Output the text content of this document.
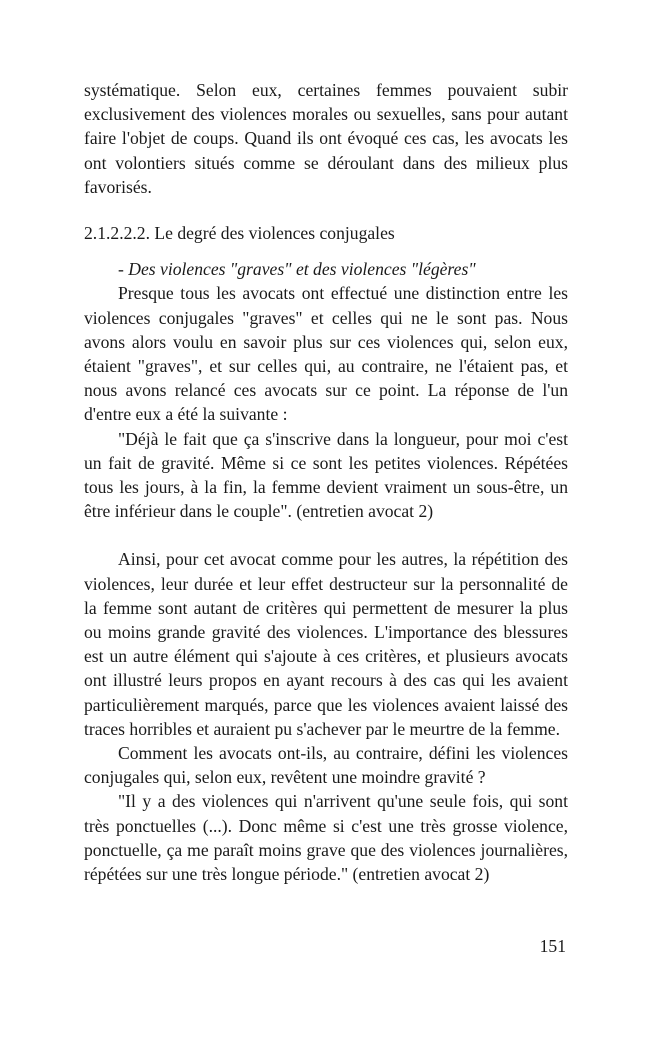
systématique. Selon eux, certaines femmes pouvaient subir exclusivement des violences morales ou sexuelles, sans pour autant faire l'objet de coups. Quand ils ont évoqué ces cas, les avocats les ont volontiers situés comme se déroulant dans des milieux plus favorisés.

2.1.2.2.2. Le degré des violences conjugales

- Des violences "graves" et des violences "légères"

Presque tous les avocats ont effectué une distinction entre les violences conjugales "graves" et celles qui ne le sont pas. Nous avons alors voulu en savoir plus sur ces violences qui, selon eux, étaient "graves", et sur celles qui, au contraire, ne l'étaient pas, et nous avons relancé ces avocats sur ce point. La réponse de l'un d'entre eux a été la suivante :

"Déjà le fait que ça s'inscrive dans la longueur, pour moi c'est un fait de gravité. Même si ce sont les petites violences. Répétées tous les jours, à la fin, la femme devient vraiment un sous-être, un être inférieur dans le couple". (entretien avocat 2)

Ainsi, pour cet avocat comme pour les autres, la répétition des violences, leur durée et leur effet destructeur sur la personnalité de la femme sont autant de critères qui permettent de mesurer la plus ou moins grande gravité des violences. L'importance des blessures est un autre élément qui s'ajoute à ces critères, et plusieurs avocats ont illustré leurs propos en ayant recours à des cas qui les avaient particulièrement marqués, parce que les violences avaient laissé des traces horribles et auraient pu s'achever par le meurtre de la femme.

Comment les avocats ont-ils, au contraire, défini les violences conjugales qui, selon eux, revêtent une moindre gravité ?

"Il y a des violences qui n'arrivent qu'une seule fois, qui sont très ponctuelles (...). Donc même si c'est une très grosse violence, ponctuelle, ça me paraît moins grave que des violences journalières, répétées sur une très longue période." (entretien avocat 2)

151
